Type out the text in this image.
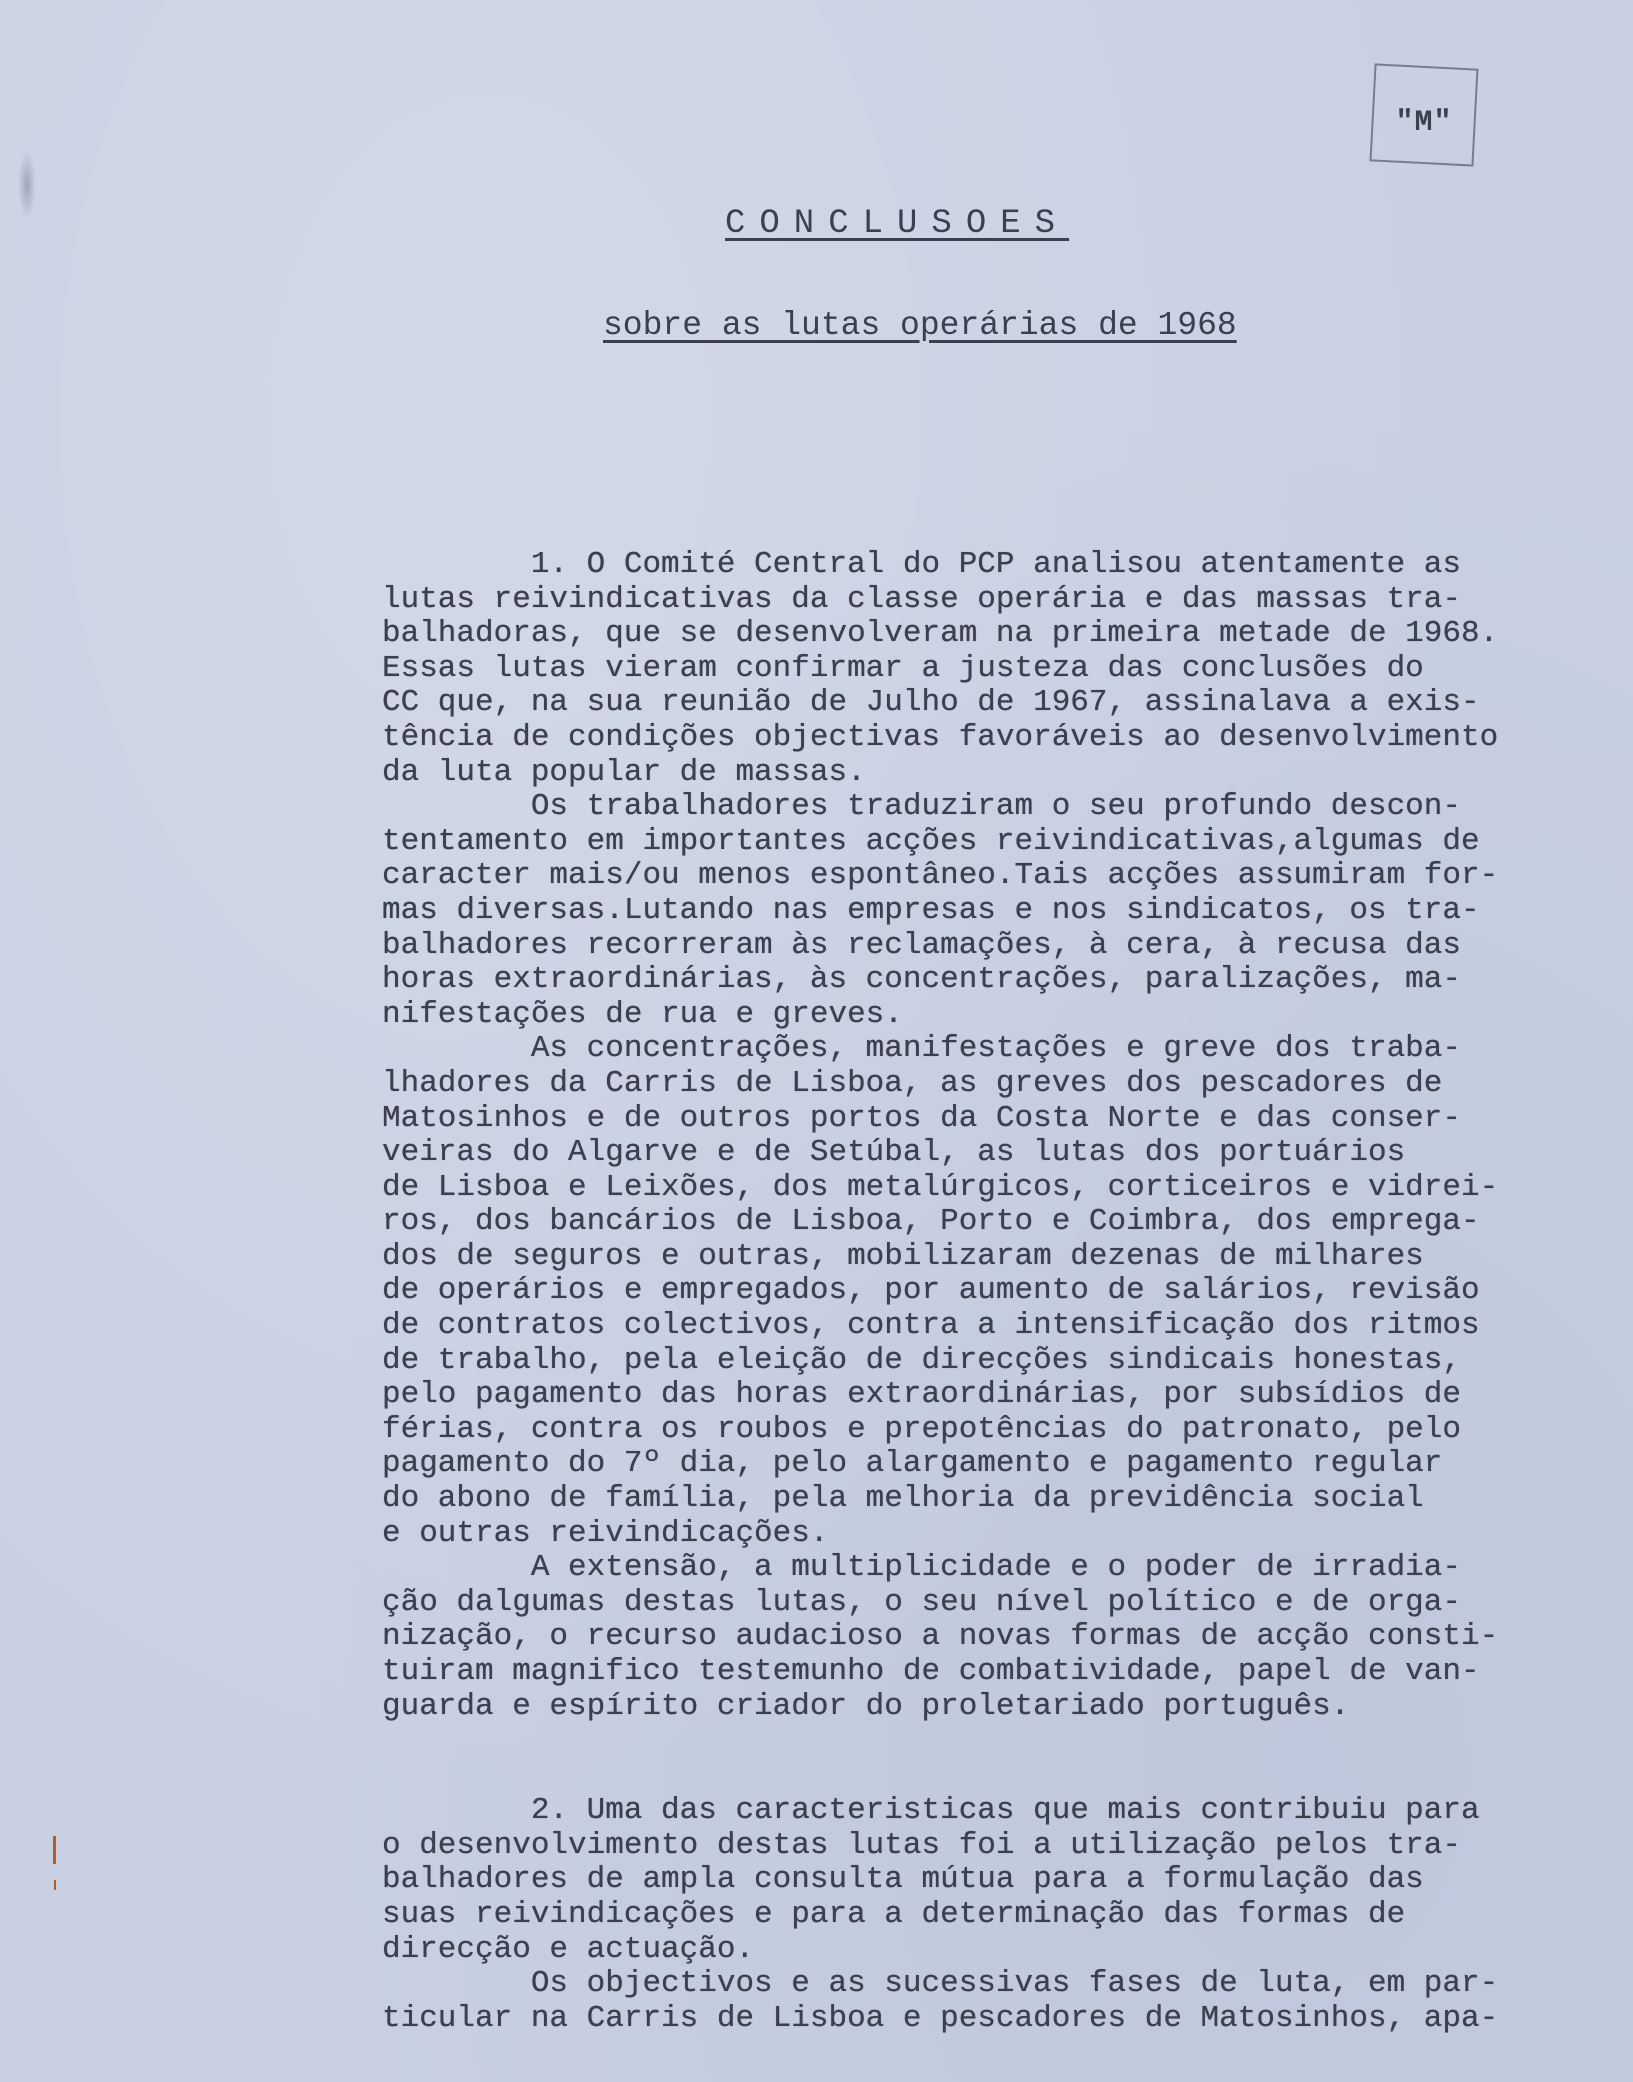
"M"
CONCLUSOES
sobre as lutas operárias de 1968
1. O Comité Central do PCP analisou atentamente as
lutas reivindicativas da classe operária e das massas tra-
balhadoras, que se desenvolveram na primeira metade de 1968.
Essas lutas vieram confirmar a justeza das conclusões do
CC que, na sua reunião de Julho de 1967, assinalava a exis-
tência de condições objectivas favoráveis ao desenvolvimento
da luta popular de massas.
Os trabalhadores traduziram o seu profundo descon-
tentamento em importantes acções reivindicativas,algumas de
caracter mais/ou menos espontâneo.Tais acções assumiram for-
mas diversas.Lutando nas empresas e nos sindicatos, os tra-
balhadores recorreram às reclamações, à cera, à recusa das
horas extraordinárias, às concentrações, paralizações, ma-
nifestações de rua e greves.
As concentrações, manifestações e greve dos traba-
lhadores da Carris de Lisboa, as greves dos pescadores de
Matosinhos e de outros portos da Costa Norte e das conser-
veiras do Algarve e de Setúbal, as lutas dos portuários
de Lisboa e Leixões, dos metalúrgicos, corticeiros e vidrei-
ros, dos bancários de Lisboa, Porto e Coimbra, dos emprega-
dos de seguros e outras, mobilizaram dezenas de milhares
de operários e empregados, por aumento de salários, revisão
de contratos colectivos, contra a intensificação dos ritmos
de trabalho, pela eleição de direcções sindicais honestas,
pelo pagamento das horas extraordinárias, por subsídios de
férias, contra os roubos e prepotências do patronato, pelo
pagamento do 7º dia, pelo alargamento e pagamento regular
do abono de família, pela melhoria da previdência social
e outras reivindicações.
A extensão, a multiplicidade e o poder de irradia-
ção dalgumas destas lutas, o seu nível político e de orga-
nização, o recurso audacioso a novas formas de acção consti-
tuiram magnifico testemunho de combatividade, papel de van-
guarda e espírito criador do proletariado português.
2. Uma das caracteristicas que mais contribuiu para
o desenvolvimento destas lutas foi a utilização pelos tra-
balhadores de ampla consulta mútua para a formulação das
suas reivindicações e para a determinação das formas de
direcção e actuação.
Os objectivos e as sucessivas fases de luta, em par-
ticular na Carris de Lisboa e pescadores de Matosinhos, apa-
